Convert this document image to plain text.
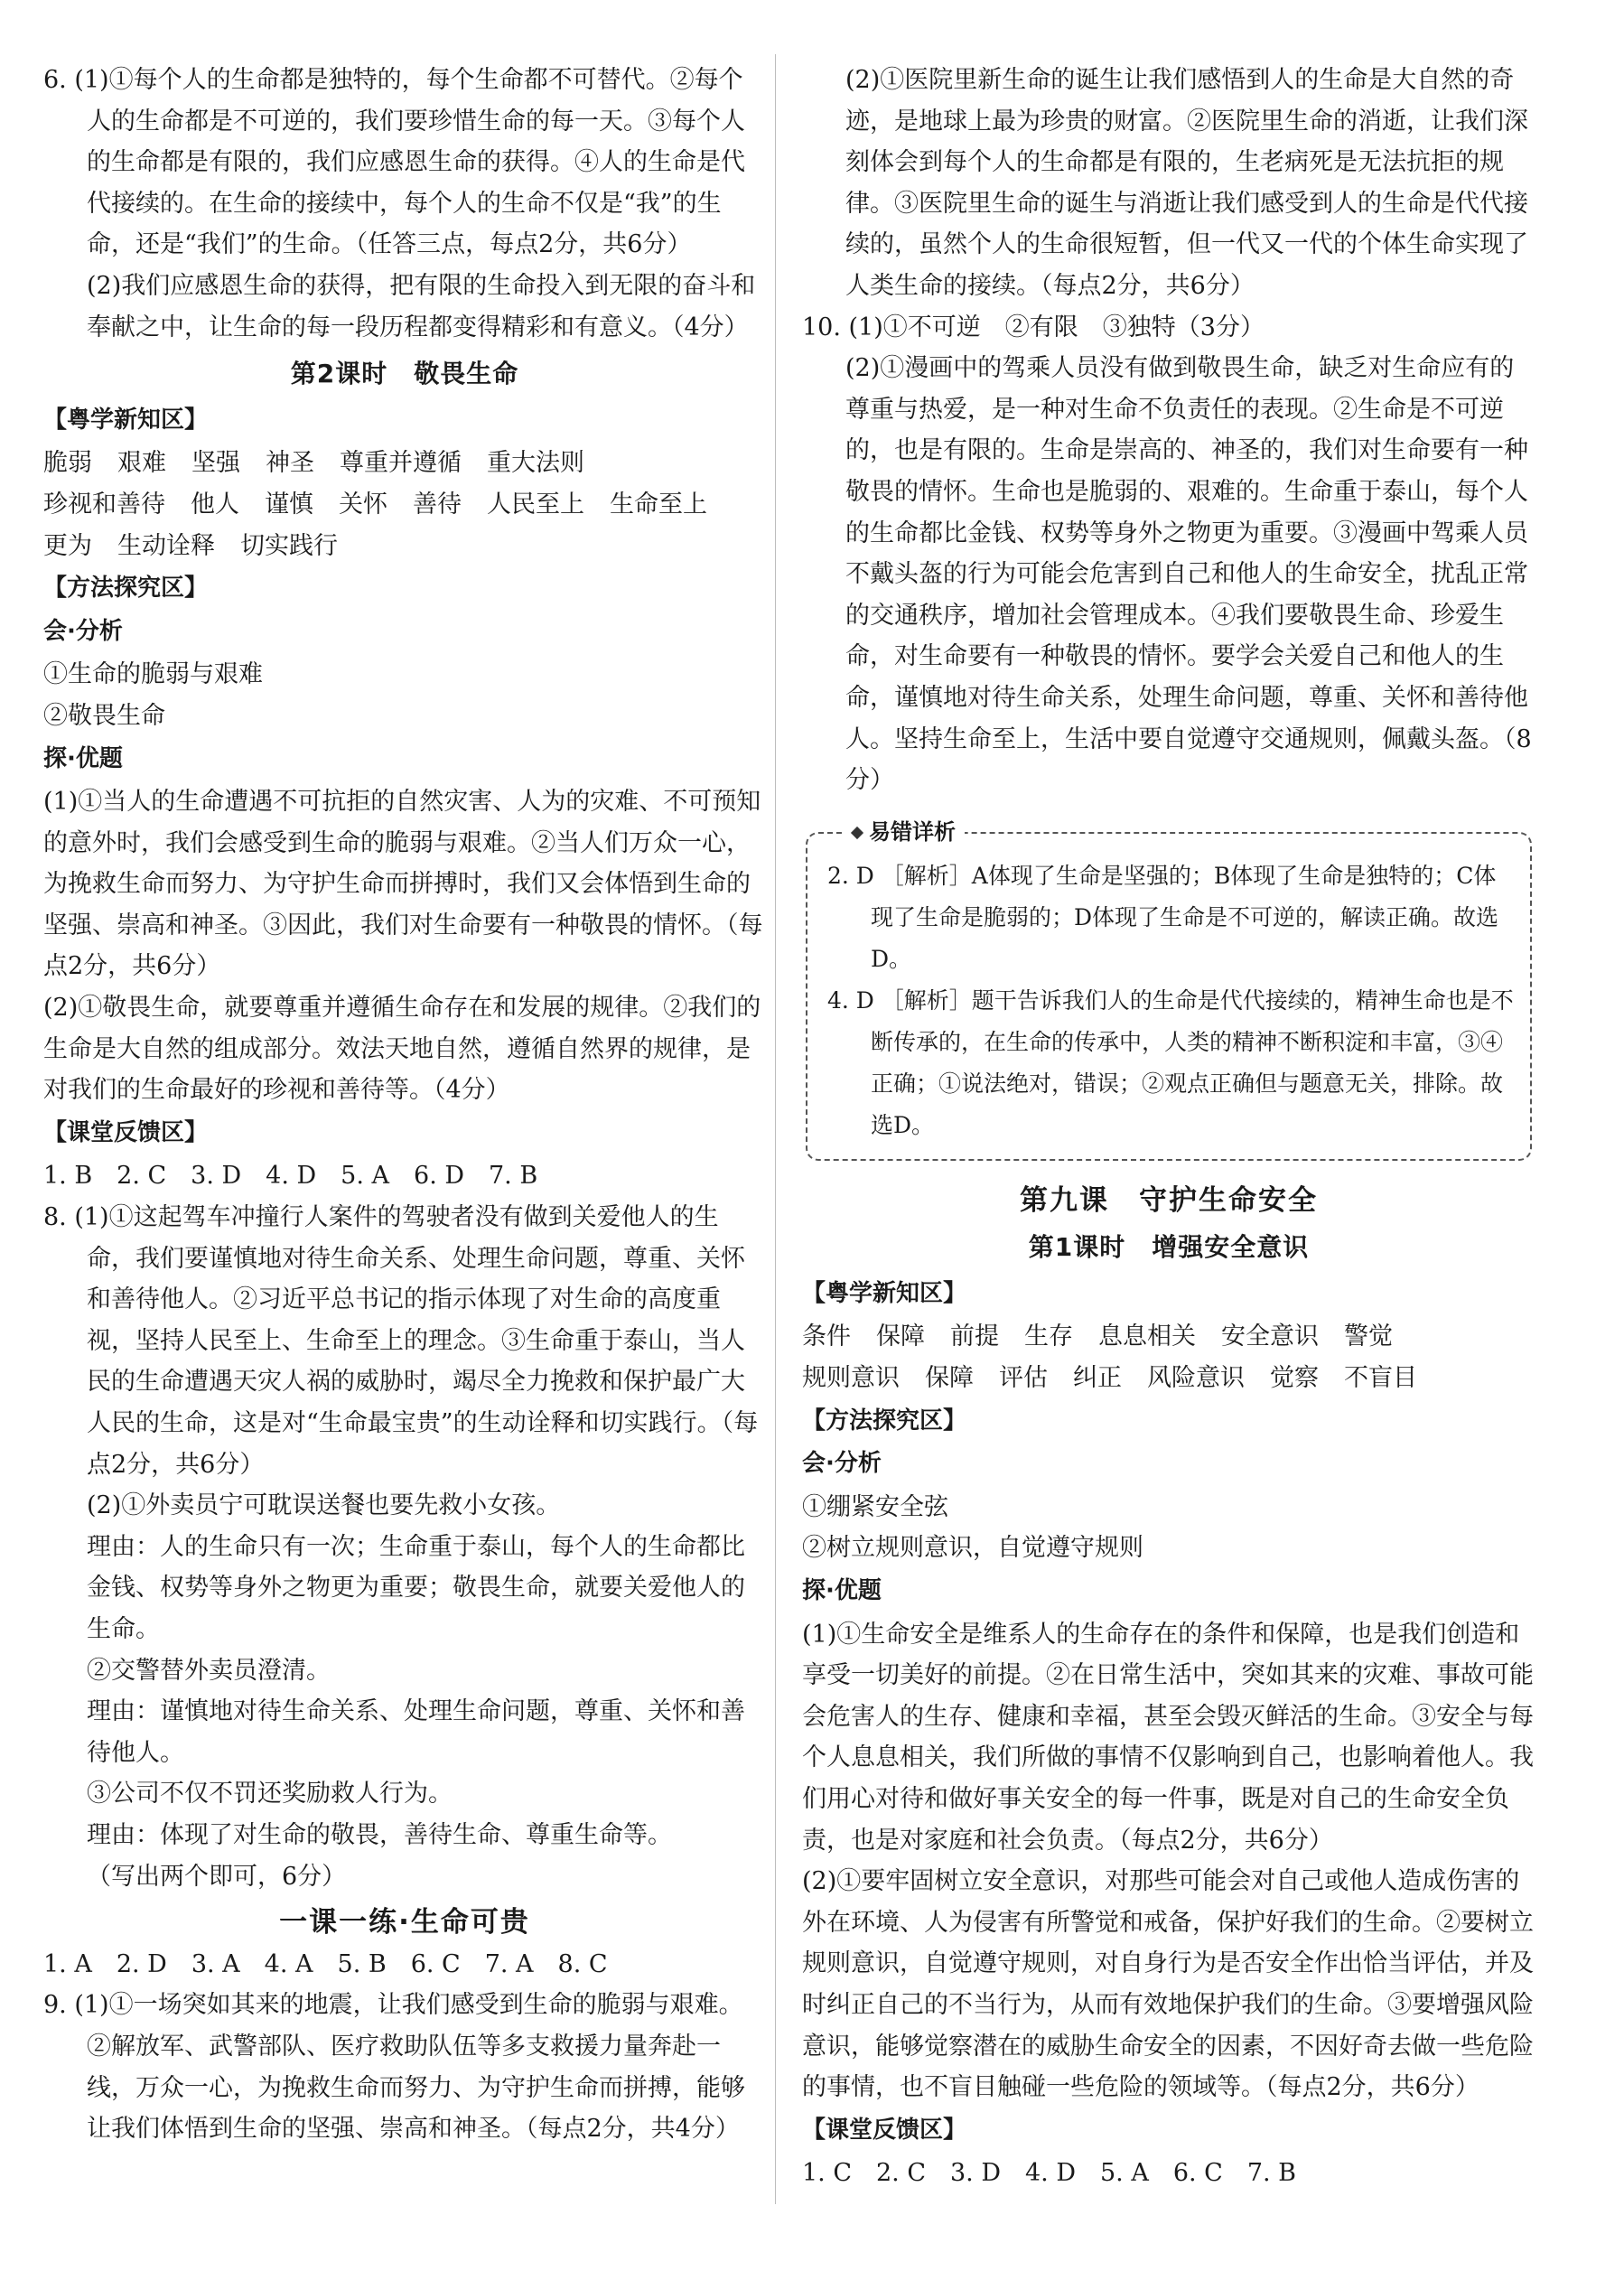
6. (1)①每个人的生命都是独特的，每个生命都不可替代。②每个人的生命都是不可逆的，我们要珍惜生命的每一天。③每个人的生命都是有限的，我们应感恩生命的获得。④人的生命是代代接续的。在生命的接续中，每个人的生命不仅是“我”的生命，还是“我们”的生命。（任答三点，每点2分，共6分）

(2)我们应感恩生命的获得，把有限的生命投入到无限的奋斗和奉献之中，让生命的每一段历程都变得精彩和有意义。（4分）

第2课时　敬畏生命
【粤学新知区】
脆弱 艰难 坚强 神圣 尊重并遵循 重大法则
珍视和善待 他人 谨慎 关怀 善待 人民至上 生命至上
更为 生动诠释 切实践行
【方法探究区】
会·分析

①生命的脆弱与艰难

②敬畏生命

探·优题

(1)①当人的生命遭遇不可抗拒的自然灾害、人为的灾难、不可预知的意外时，我们会感受到生命的脆弱与艰难。②当人们万众一心，为挽救生命而努力、为守护生命而拼搏时，我们又会体悟到生命的坚强、崇高和神圣。③因此，我们对生命要有一种敬畏的情怀。（每点2分，共6分）

(2)①敬畏生命，就要尊重并遵循生命存在和发展的规律。②我们的生命是大自然的组成部分。效法天地自然，遵循自然界的规律，是对我们的生命最好的珍视和善待等。（4分）

【课堂反馈区】

1. B　2. C　3. D　4. D　5. A　6. D　7. B

8. (1)①这起驾车冲撞行人案件的驾驶者没有做到关爱他人的生命，我们要谨慎地对待生命关系、处理生命问题，尊重、关怀和善待他人。②习近平总书记的指示体现了对生命的高度重视，坚持人民至上、生命至上的理念。③生命重于泰山，当人民的生命遭遇天灾人祸的威胁时，竭尽全力挽救和保护最广大人民的生命，这是对“生命最宝贵”的生动诠释和切实践行。（每点2分，共6分）

(2)①外卖员宁可耽误送餐也要先救小女孩。

理由：人的生命只有一次；生命重于泰山，每个人的生命都比金钱、权势等身外之物更为重要；敬畏生命，就要关爱他人的生命。

②交警替外卖员澄清。

理由：谨慎地对待生命关系、处理生命问题，尊重、关怀和善待他人。

③公司不仅不罚还奖励救人行为。

理由：体现了对生命的敬畏，善待生命、尊重生命等。

（写出两个即可，6分）

一课一练·生命可贵

1. A　2. D　3. A　4. A　5. B　6. C　7. A　8. C

9. (1)①一场突如其来的地震，让我们感受到生命的脆弱与艰难。②解放军、武警部队、医疗救助队伍等多支救援力量奔赴一线，万众一心，为挽救生命而努力、为守护生命而拼搏，能够让我们体悟到生命的坚强、崇高和神圣。（每点2分，共4分）

(2)①医院里新生命的诞生让我们感悟到人的生命是大自然的奇迹，是地球上最为珍贵的财富。②医院里生命的消逝，让我们深刻体会到每个人的生命都是有限的，生老病死是无法抗拒的规律。③医院里生命的诞生与消逝让我们感受到人的生命是代代接续的，虽然个人的生命很短暂，但一代又一代的个体生命实现了人类生命的接续。（每点2分，共6分）

10. (1)①不可逆　②有限　③独特（3分）

(2)①漫画中的驾乘人员没有做到敬畏生命，缺乏对生命应有的尊重与热爱，是一种对生命不负责任的表现。②生命是不可逆的，也是有限的。生命是崇高的、神圣的，我们对生命要有一种敬畏的情怀。生命也是脆弱的、艰难的。生命重于泰山，每个人的生命都比金钱、权势等身外之物更为重要。③漫画中驾乘人员不戴头盔的行为可能会危害到自己和他人的生命安全，扰乱正常的交通秩序，增加社会管理成本。④我们要敬畏生命、珍爱生命，对生命要有一种敬畏的情怀。要学会关爱自己和他人的生命，谨慎地对待生命关系，处理生命问题，尊重、关怀和善待他人。坚持生命至上，生活中要自觉遵守交通规则，佩戴头盔。（8分）

易错详析

2. D ［解析］A体现了生命是坚强的；B体现了生命是独特的；C体现了生命是脆弱的；D体现了生命是不可逆的，解读正确。故选D。

4. D ［解析］题干告诉我们人的生命是代代接续的，精神生命也是不断传承的，在生命的传承中，人类的精神不断积淀和丰富，③④正确；①说法绝对，错误；②观点正确但与题意无关，排除。故选D。

第九课　守护生命安全
第1课时　增强安全意识
【粤学新知区】
条件 保障 前提 生存 息息相关 安全意识 警觉
规则意识 保障 评估 纠正 风险意识 觉察 不盲目
【方法探究区】
会·分析

①绷紧安全弦

②树立规则意识，自觉遵守规则

探·优题

(1)①生命安全是维系人的生命存在的条件和保障，也是我们创造和享受一切美好的前提。②在日常生活中，突如其来的灾难、事故可能会危害人的生存、健康和幸福，甚至会毁灭鲜活的生命。③安全与每个人息息相关，我们所做的事情不仅影响到自己，也影响着他人。我们用心对待和做好事关安全的每一件事，既是对自己的生命安全负责，也是对家庭和社会负责。（每点2分，共6分）

(2)①要牢固树立安全意识，对那些可能会对自己或他人造成伤害的外在环境、人为侵害有所警觉和戒备，保护好我们的生命。②要树立规则意识，自觉遵守规则，对自身行为是否安全作出恰当评估，并及时纠正自己的不当行为，从而有效地保护我们的生命。③要增强风险意识，能够觉察潜在的威胁生命安全的因素，不因好奇去做一些危险的事情，也不盲目触碰一些危险的领域等。（每点2分，共6分）

【课堂反馈区】

1. C　2. C　3. D　4. D　5. A　6. C　7. B
